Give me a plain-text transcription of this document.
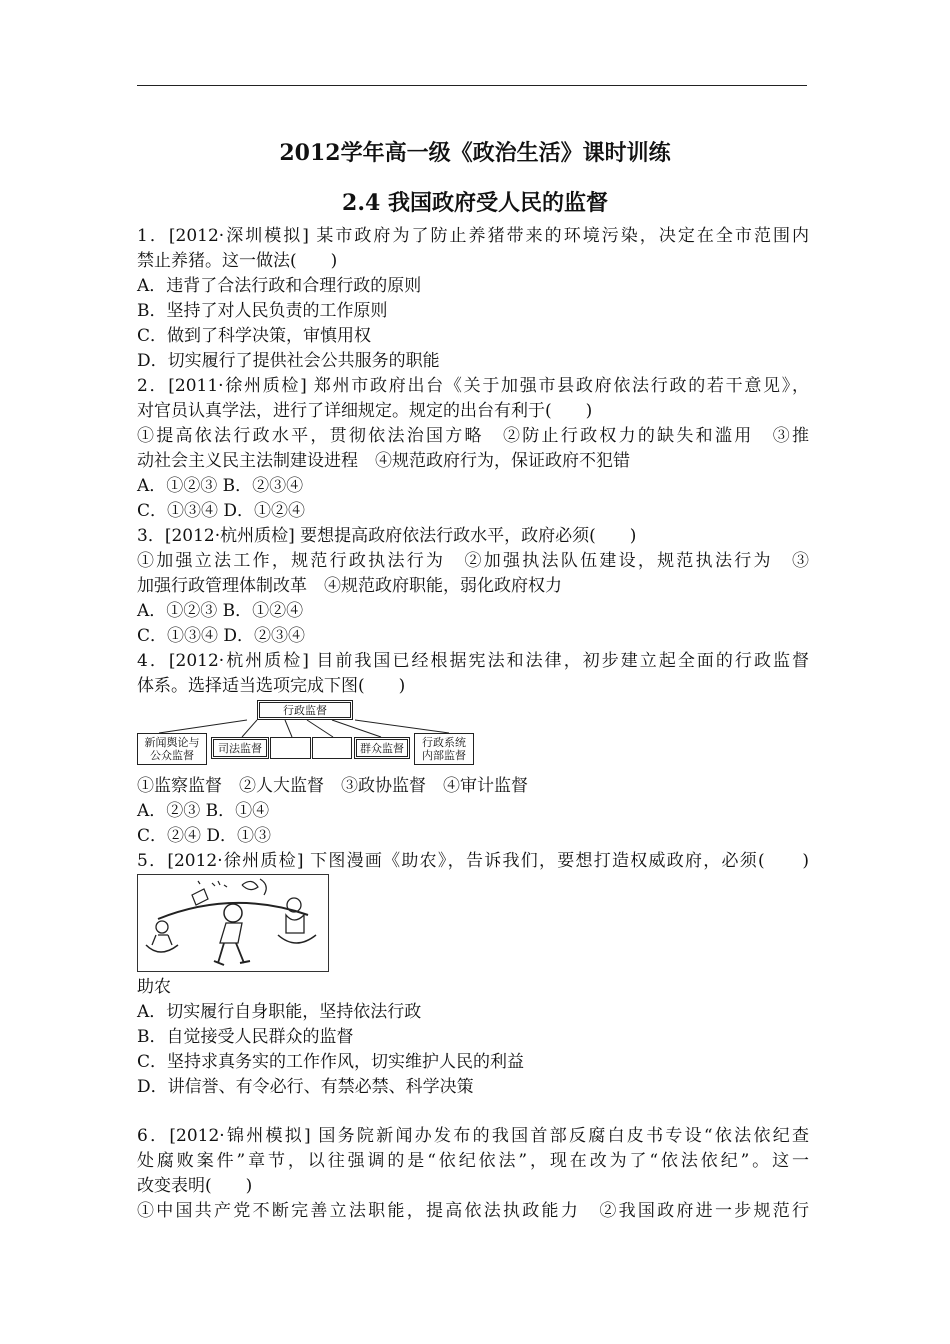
2012学年高一级《政治生活》课时训练
2.4 我国政府受人民的监督
1．[2012·深圳模拟] 某市政府为了防止养猪带来的环境污染，决定在全市范围内
禁止养猪。这一做法(　　)
A．违背了合法行政和合理行政的原则
B．坚持了对人民负责的工作原则
C．做到了科学决策，审慎用权
D．切实履行了提供社会公共服务的职能
2．[2011·徐州质检] 郑州市政府出台《关于加强市县政府依法行政的若干意见》，
对官员认真学法，进行了详细规定。规定的出台有利于(　　)
①提高依法行政水平，贯彻依法治国方略　②防止行政权力的缺失和滥用　③推
动社会主义民主法制建设进程　④规范政府行为，保证政府不犯错
A．①②③ B．②③④
C．①③④ D．①②④
3．[2012·杭州质检] 要想提高政府依法行政水平，政府必须(　　)
①加强立法工作，规范行政执法行为　②加强执法队伍建设，规范执法行为　③
加强行政管理体制改革　④规范政府职能，弱化政府权力
A．①②③ B．①②④
C．①③④ D．②③④
4．[2012·杭州质检] 目前我国已经根据宪法和法律，初步建立起全面的行政监督
体系。选择适当选项完成下图(　　)
行政监督
新闻舆论与
公众监督
司法监督	群众监督 行政系统
内部监督
①监察监督　②人大监督　③政协监督　④审计监督
A．②③ B．①④
C．②④ D．①③
5．[2012·徐州质检] 下图漫画《助农》，告诉我们，要想打造权威政府，必须(　　)
助农
A．切实履行自身职能，坚持依法行政
B．自觉接受人民群众的监督
C．坚持求真务实的工作作风，切实维护人民的利益
D．讲信誉、有令必行、有禁必禁、科学决策
6．[2012·锦州模拟] 国务院新闻办发布的我国首部反腐白皮书专设“依法依纪查
处腐败案件”章节，以往强调的是“依纪依法”，现在改为了“依法依纪”。这一
改变表明(　　)
①中国共产党不断完善立法职能，提高依法执政能力　②我国政府进一步规范行
